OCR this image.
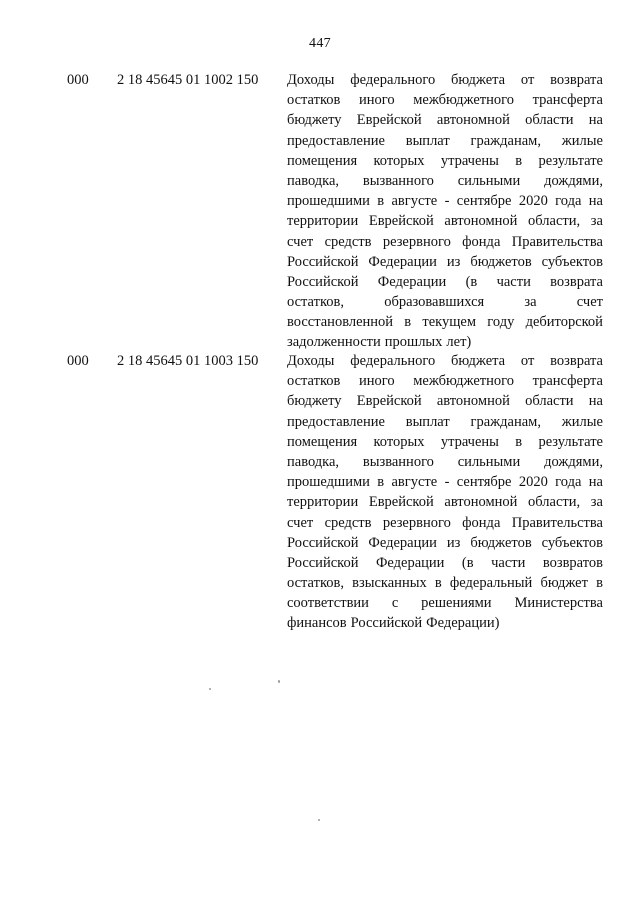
447
000 2 18 45645 01 1002 150 Доходы федерального бюджета от возврата
остатков иного межбюджетного трансферта
бюджету Еврейской автономной области на
предоставление выплат гражданам, жилые
помещения которых утрачены в результате
паводка, вызванного сильными дождями,
прошедшими в августе - сентябре 2020 года на
территории Еврейской автономной области, за
счет средств резервного фонда Правительства
Российской Федерации из бюджетов субъектов
Российской Федерации (в части возврата
остатков,	образовавшихся	за	счет
восстановленной в текущем году дебиторской
задолженности прошлых лет)
000 2 18 45645 01 1003 150 Доходы федерального бюджета от возврата
остатков иного межбюджетного трансферта
бюджету Еврейской автономной области на
предоставление выплат гражданам, жилые
помещения которых утрачены в результате
паводка, вызванного сильными дождями,
прошедшими в августе - сентябре 2020 года на
территории Еврейской автономной области, за
счет средств резервного фонда Правительства
Российской Федерации из бюджетов субъектов
Российской Федерации (в части возвратов
остатков, взысканных в федеральный бюджет в
соответствии с решениями Министерства
финансов Российской Федерации)
